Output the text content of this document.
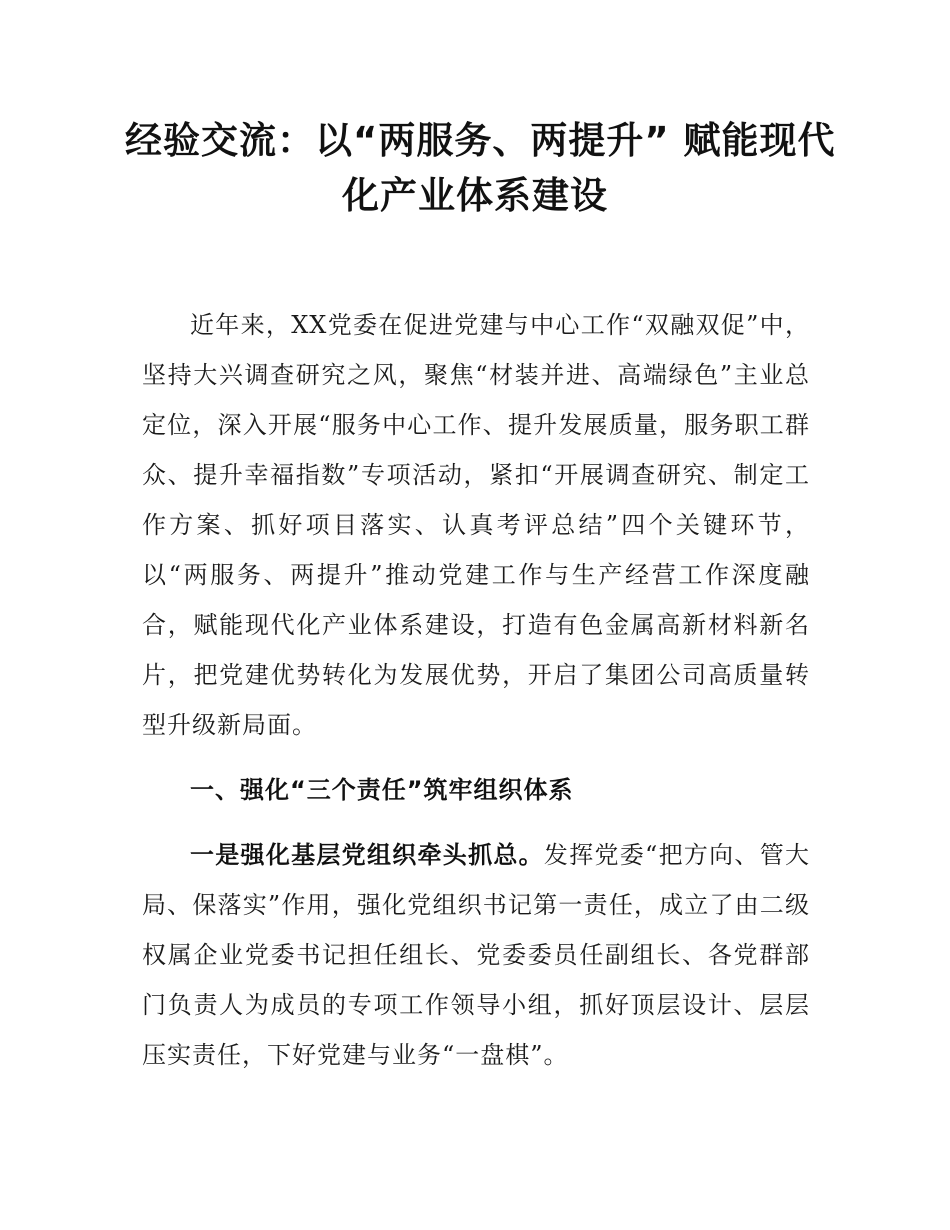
经验交流：以“两服务、两提升” 赋能现代
化产业体系建设

近年来，XX党委在促进党建与中心工作“双融双促”中，坚持大兴调查研究之风，聚焦“材装并进、高端绿色”主业总定位，深入开展“服务中心工作、提升发展质量，服务职工群众、提升幸福指数”专项活动，紧扣“开展调查研究、制定工作方案、抓好项目落实、认真考评总结”四个关键环节，以“两服务、两提升”推动党建工作与生产经营工作深度融合，赋能现代化产业体系建设，打造有色金属高新材料新名片，把党建优势转化为发展优势，开启了集团公司高质量转型升级新局面。

一、强化“三个责任”筑牢组织体系

一是强化基层党组织牵头抓总。发挥党委“把方向、管大局、保落实”作用，强化党组织书记第一责任，成立了由二级权属企业党委书记担任组长、党委委员任副组长、各党群部门负责人为成员的专项工作领导小组，抓好顶层设计、层层压实责任，下好党建与业务“一盘棋”。
